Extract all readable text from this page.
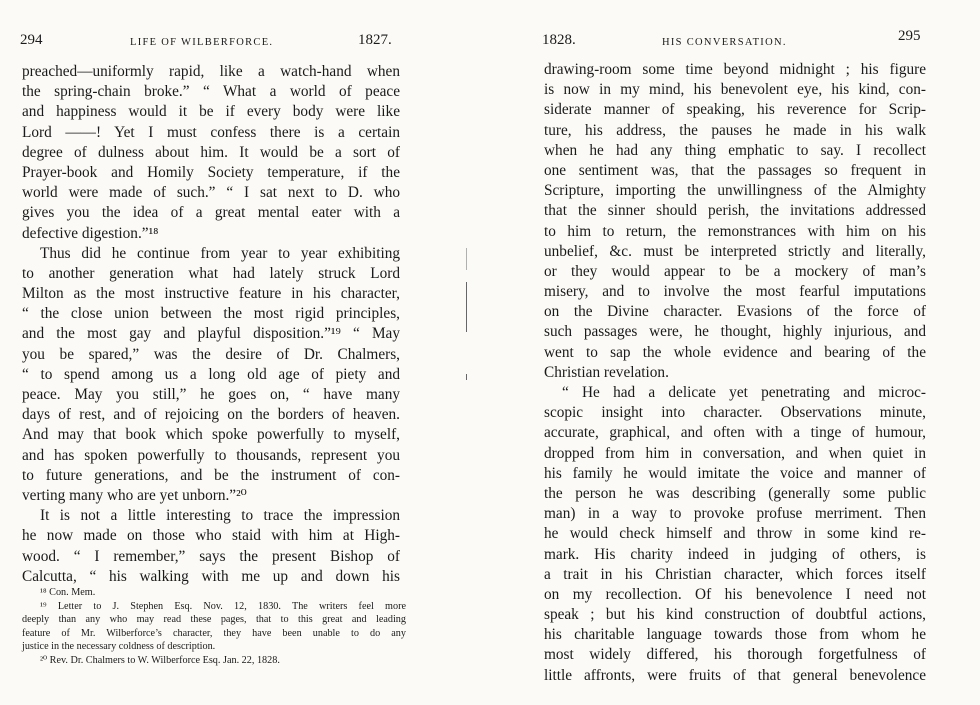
294	LIFE OF WILBERFORCE.	1827.
preached—uniformly rapid, like a watch-hand when
the spring-chain broke.” “ What a world of peace
and happiness would it be if every body were like
Lord ——! Yet I must confess there is a certain
degree of dulness about him. It would be a sort of
Prayer-book and Homily Society temperature, if the
world were made of such.” “ I sat next to D. who
gives you the idea of a great mental eater with a
defective digestion.”¹⁸
Thus did he continue from year to year exhibiting
to another generation what had lately struck Lord
Milton as the most instructive feature in his character,
“ the close union between the most rigid principles,
and the most gay and playful disposition.”¹⁹ “ May
you be spared,” was the desire of Dr. Chalmers,
“ to spend among us a long old age of piety and
peace. May you still,” he goes on, “ have many
days of rest, and of rejoicing on the borders of heaven.
And may that book which spoke powerfully to myself,
and has spoken powerfully to thousands, represent you
to future generations, and be the instrument of con-
verting many who are yet unborn.”²⁰
It is not a little interesting to trace the impression
he now made on those who staid with him at High-
wood. “ I remember,” says the present Bishop of
Calcutta, “ his walking with me up and down his
¹⁸ Con. Mem.
¹⁹ Letter to J. Stephen Esq. Nov. 12, 1830. The writers feel more
deeply than any who may read these pages, that to this great and leading
feature of Mr. Wilberforce’s character, they have been unable to do any
justice in the necessary coldness of description.
²⁰ Rev. Dr. Chalmers to W. Wilberforce Esq. Jan. 22, 1828.
1828.	HIS CONVERSATION.	295
drawing-room some time beyond midnight ; his figure
is now in my mind, his benevolent eye, his kind, con-
siderate manner of speaking, his reverence for Scrip-
ture, his address, the pauses he made in his walk
when he had any thing emphatic to say. I recollect
one sentiment was, that the passages so frequent in
Scripture, importing the unwillingness of the Almighty
that the sinner should perish, the invitations addressed
to him to return, the remonstrances with him on his
unbelief, &c. must be interpreted strictly and literally,
or they would appear to be a mockery of man’s
misery, and to involve the most fearful imputations
on the Divine character. Evasions of the force of
such passages were, he thought, highly injurious, and
went to sap the whole evidence and bearing of the
Christian revelation.
“ He had a delicate yet penetrating and microc-
scopic insight into character. Observations minute,
accurate, graphical, and often with a tinge of humour,
dropped from him in conversation, and when quiet in
his family he would imitate the voice and manner of
the person he was describing (generally some public
man) in a way to provoke profuse merriment. Then
he would check himself and throw in some kind re-
mark. His charity indeed in judging of others, is
a trait in his Christian character, which forces itself
on my recollection. Of his benevolence I need not
speak ; but his kind construction of doubtful actions,
his charitable language towards those from whom he
most widely differed, his thorough forgetfulness of
little affronts, were fruits of that general benevolence
